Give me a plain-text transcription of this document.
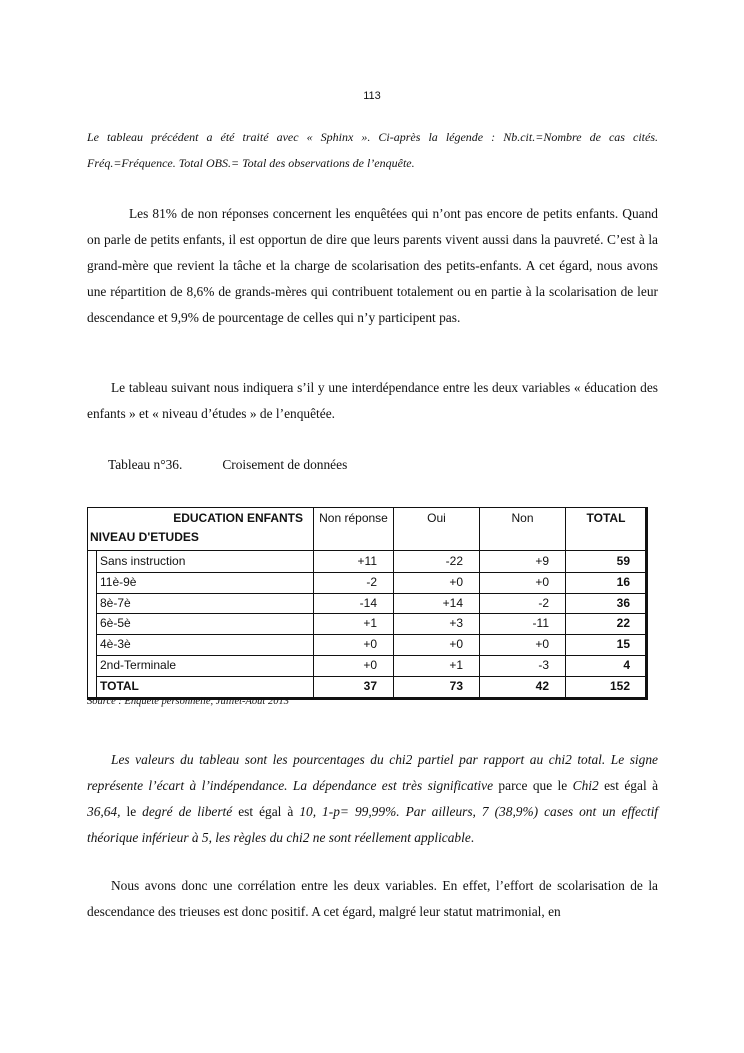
113
Le tableau précédent a été traité avec « Sphinx ». Ci-après la légende : Nb.cit.=Nombre de cas cités. Fréq.=Fréquence. Total OBS.= Total des observations de l’enquête.
Les 81% de non réponses concernent les enquêtées qui n’ont pas encore de petits enfants. Quand on parle de petits enfants, il est opportun de dire que leurs parents vivent aussi dans la pauvreté. C’est à la grand-mère que revient la tâche et la charge de scolarisation des petits-enfants. A cet égard, nous avons une répartition de 8,6% de grands-mères qui contribuent totalement ou en partie à la scolarisation de leur descendance et 9,9% de pourcentage de celles qui n’y participent pas.
Le tableau suivant nous indiquera s’il y une interdépendance entre les deux variables « éducation des enfants » et « niveau d’études » de l’enquêtée.
Tableau n°36.	Croisement de données
EDUCATION ENFANTS
NIVEAU D'ETUDES
Non réponse	Oui	Non	TOTAL
Sans instruction	+11	-22	+9	59
11è-9è	-2	+0	+0	16
8è-7è	-14	+14	-2	36
6è-5è	+1	+3	-11	22
4è-3è	+0	+0	+0	15
2nd-Terminale	+0	+1	-3	4
TOTAL	37	73	42	152
Source : Enquête personnelle, Juillet-Août 2013
Les valeurs du tableau sont les pourcentages du chi2 partiel par rapport au chi2 total. Le signe représente l’écart à l’indépendance. La dépendance est très significative parce que le Chi2 est égal à 36,64, le degré de liberté est égal à 10, 1-p= 99,99%. Par ailleurs, 7 (38,9%) cases ont un effectif théorique inférieur à 5, les règles du chi2 ne sont réellement applicable.
Nous avons donc une corrélation entre les deux variables. En effet, l’effort de scolarisation de la descendance des trieuses est donc positif. A cet égard, malgré leur statut matrimonial, en
